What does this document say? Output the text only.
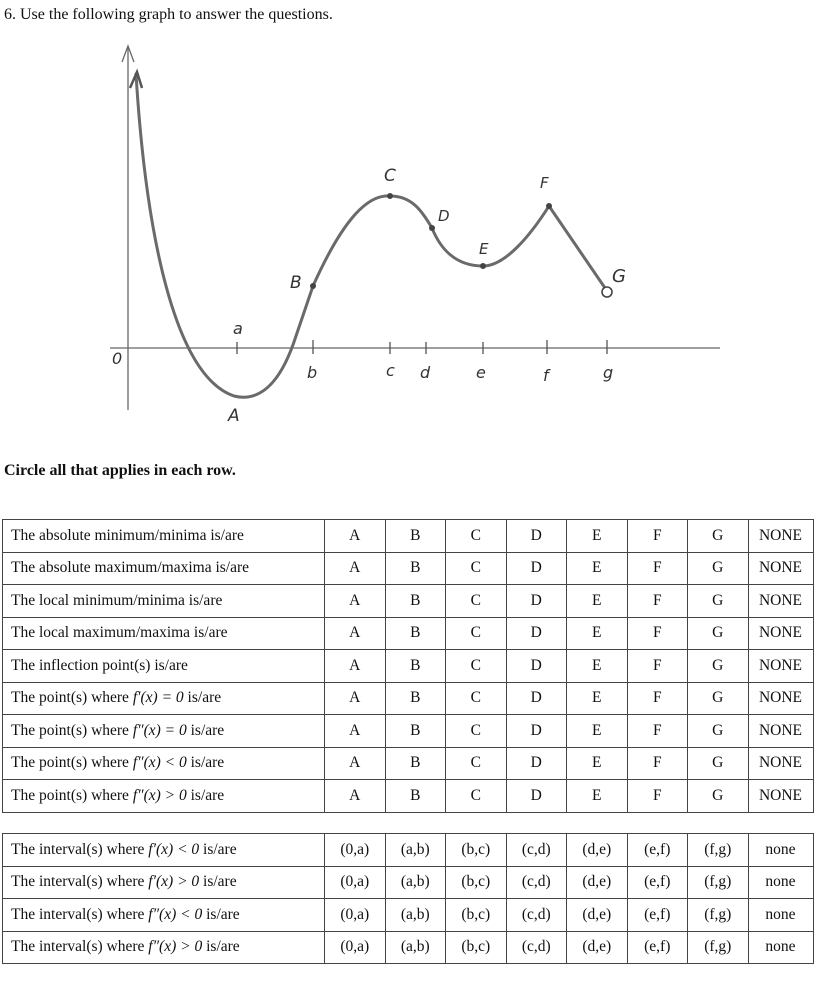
6. Use the following graph to answer the questions.
0
a
b	c d	e	f	g
A
B
C
D
E
F
G
Circle all that applies in each row.
The absolute minimum/minima is/are	A	B	C	D	E	F	G	NONE
The absolute maximum/maxima is/are	A	B	C	D	E	F	G	NONE
The local minimum/minima is/are	A	B	C	D	E	F	G	NONE
The local maximum/maxima is/are	A	B	C	D	E	F	G	NONE
The inflection point(s) is/are	A	B	C	D	E	F	G	NONE
The point(s) where f′(x) = 0 is/are	A	B	C	D	E	F	G	NONE
The point(s) where f″(x) = 0 is/are	A	B	C	D	E	F	G	NONE
The point(s) where f″(x) < 0 is/are	A	B	C	D	E	F	G	NONE
The point(s) where f″(x) > 0 is/are	A	B	C	D	E	F	G	NONE
The interval(s) where f′(x) < 0 is/are	(0,a)	(a,b)	(b,c)	(c,d)	(d,e)	(e,f)	(f,g)	none
The interval(s) where f′(x) > 0 is/are	(0,a)	(a,b)	(b,c)	(c,d)	(d,e)	(e,f)	(f,g)	none
The interval(s) where f″(x) < 0 is/are	(0,a)	(a,b)	(b,c)	(c,d)	(d,e)	(e,f)	(f,g)	none
The interval(s) where f″(x) > 0 is/are	(0,a)	(a,b)	(b,c)	(c,d)	(d,e)	(e,f)	(f,g)	none
